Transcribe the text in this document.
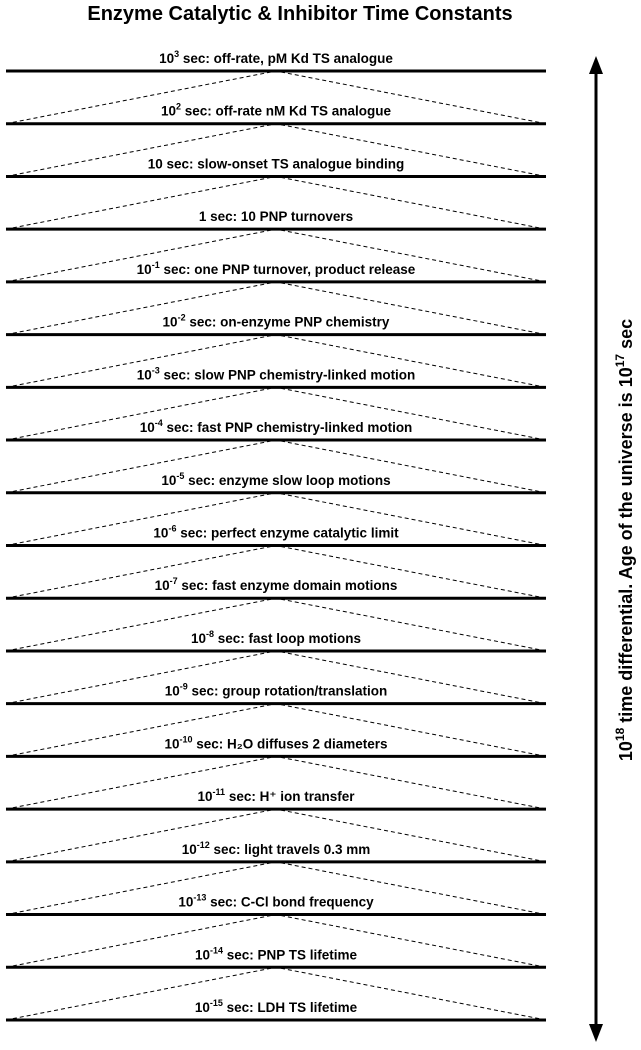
Enzyme Catalytic & Inhibitor Time Constants
$10^3$ sec: off-rate, pM Kd TS analogue
$10^2$ sec: off-rate nM Kd TS analogue
10 sec: slow-onset TS analogue binding
1 sec: 10 PNP turnovers
$10^{-1}$ sec: one PNP turnover, product release
$10^{-2}$ sec: on-enzyme PNP chemistry
$10^{-3}$ sec: slow PNP chemistry-linked motion
$10^{-4}$ sec: fast PNP chemistry-linked motion
$10^{-5}$ sec: enzyme slow loop motions
$10^{-6}$ sec: perfect enzyme catalytic limit
$10^{-7}$ sec: fast enzyme domain motions
$10^{-8}$ sec: fast loop motions
$10^{-9}$ sec: group rotation/translation
$10^{-10}$ sec: H₂O diffuses 2 diameters
$10^{-11}$ sec: H⁺ ion transfer
$10^{-12}$ sec: light travels 0.3 mm
$10^{-13}$ sec: C-Cl bond frequency
$10^{-14}$ sec: PNP TS lifetime
$10^{-15}$ sec: LDH TS lifetime
$10^{18}$ time differential. Age of the universe is $10^{17}$ sec
